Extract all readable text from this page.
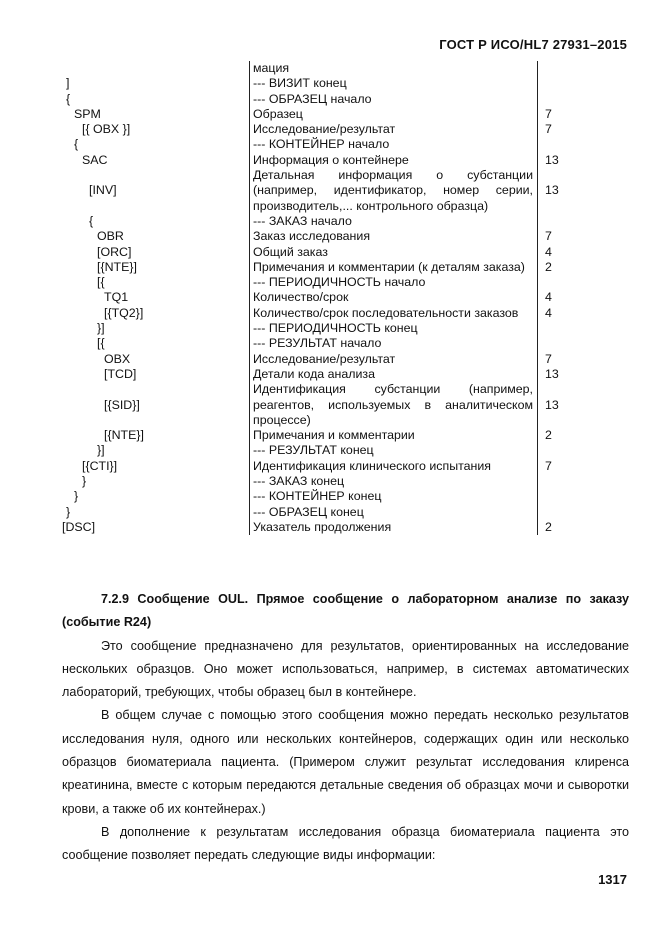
ГОСТ Р ИСО/HL7 27931–2015
	мация	
]	--- ВИЗИТ конец	
{	--- ОБРАЗЕЦ начало	
SPM	Образец	7
[{ OBX }]	Исследование/результат	7
{	--- КОНТЕЙНЕР начало	
SAC	Информация о контейнере	13
[INV]	Детальная информация о субстанции (например, идентификатор, номер серии, производитель,... контрольного образца)	13
{	--- ЗАКАЗ начало	
OBR	Заказ исследования	7
[ORC]	Общий заказ	4
[{NTE}]	Примечания и комментарии (к деталям заказа)	2
[{	--- ПЕРИОДИЧНОСТЬ начало	
TQ1	Количество/срок	4
[{TQ2}]	Количество/срок последовательности заказов	4
}]	--- ПЕРИОДИЧНОСТЬ конец	
[{	--- РЕЗУЛЬТАТ начало	
OBX	Исследование/результат	7
[TCD]	Детали кода анализа	13
[{SID}]	Идентификация субстанции (например, реагентов, используемых в аналитическом процессе)	13
[{NTE}]	Примечания и комментарии	2
}]	--- РЕЗУЛЬТАТ конец	
[{CTI}]	Идентификация клинического испытания	7
}	--- ЗАКАЗ конец	
}	--- КОНТЕЙНЕР конец	
}	--- ОБРАЗЕЦ конец	
[DSC]	Указатель продолжения	2

7.2.9 Сообщение OUL. Прямое сообщение о лабораторном анализе по заказу (событие R24)

Это сообщение предназначено для результатов, ориентированных на исследование нескольких образцов. Оно может использоваться, например, в системах автоматических лабораторий, требующих, чтобы образец был в контейнере.

В общем случае с помощью этого сообщения можно передать несколько результатов исследования нуля, одного или нескольких контейнеров, содержащих один или несколько образцов биоматериала пациента. (Примером служит результат исследования клиренса креатинина, вместе с которым передаются детальные сведения об образцах мочи и сыворотки крови, а также об их контейнерах.)

В дополнение к результатам исследования образца биоматериала пациента это сообщение позволяет передать следующие виды информации:

1317
